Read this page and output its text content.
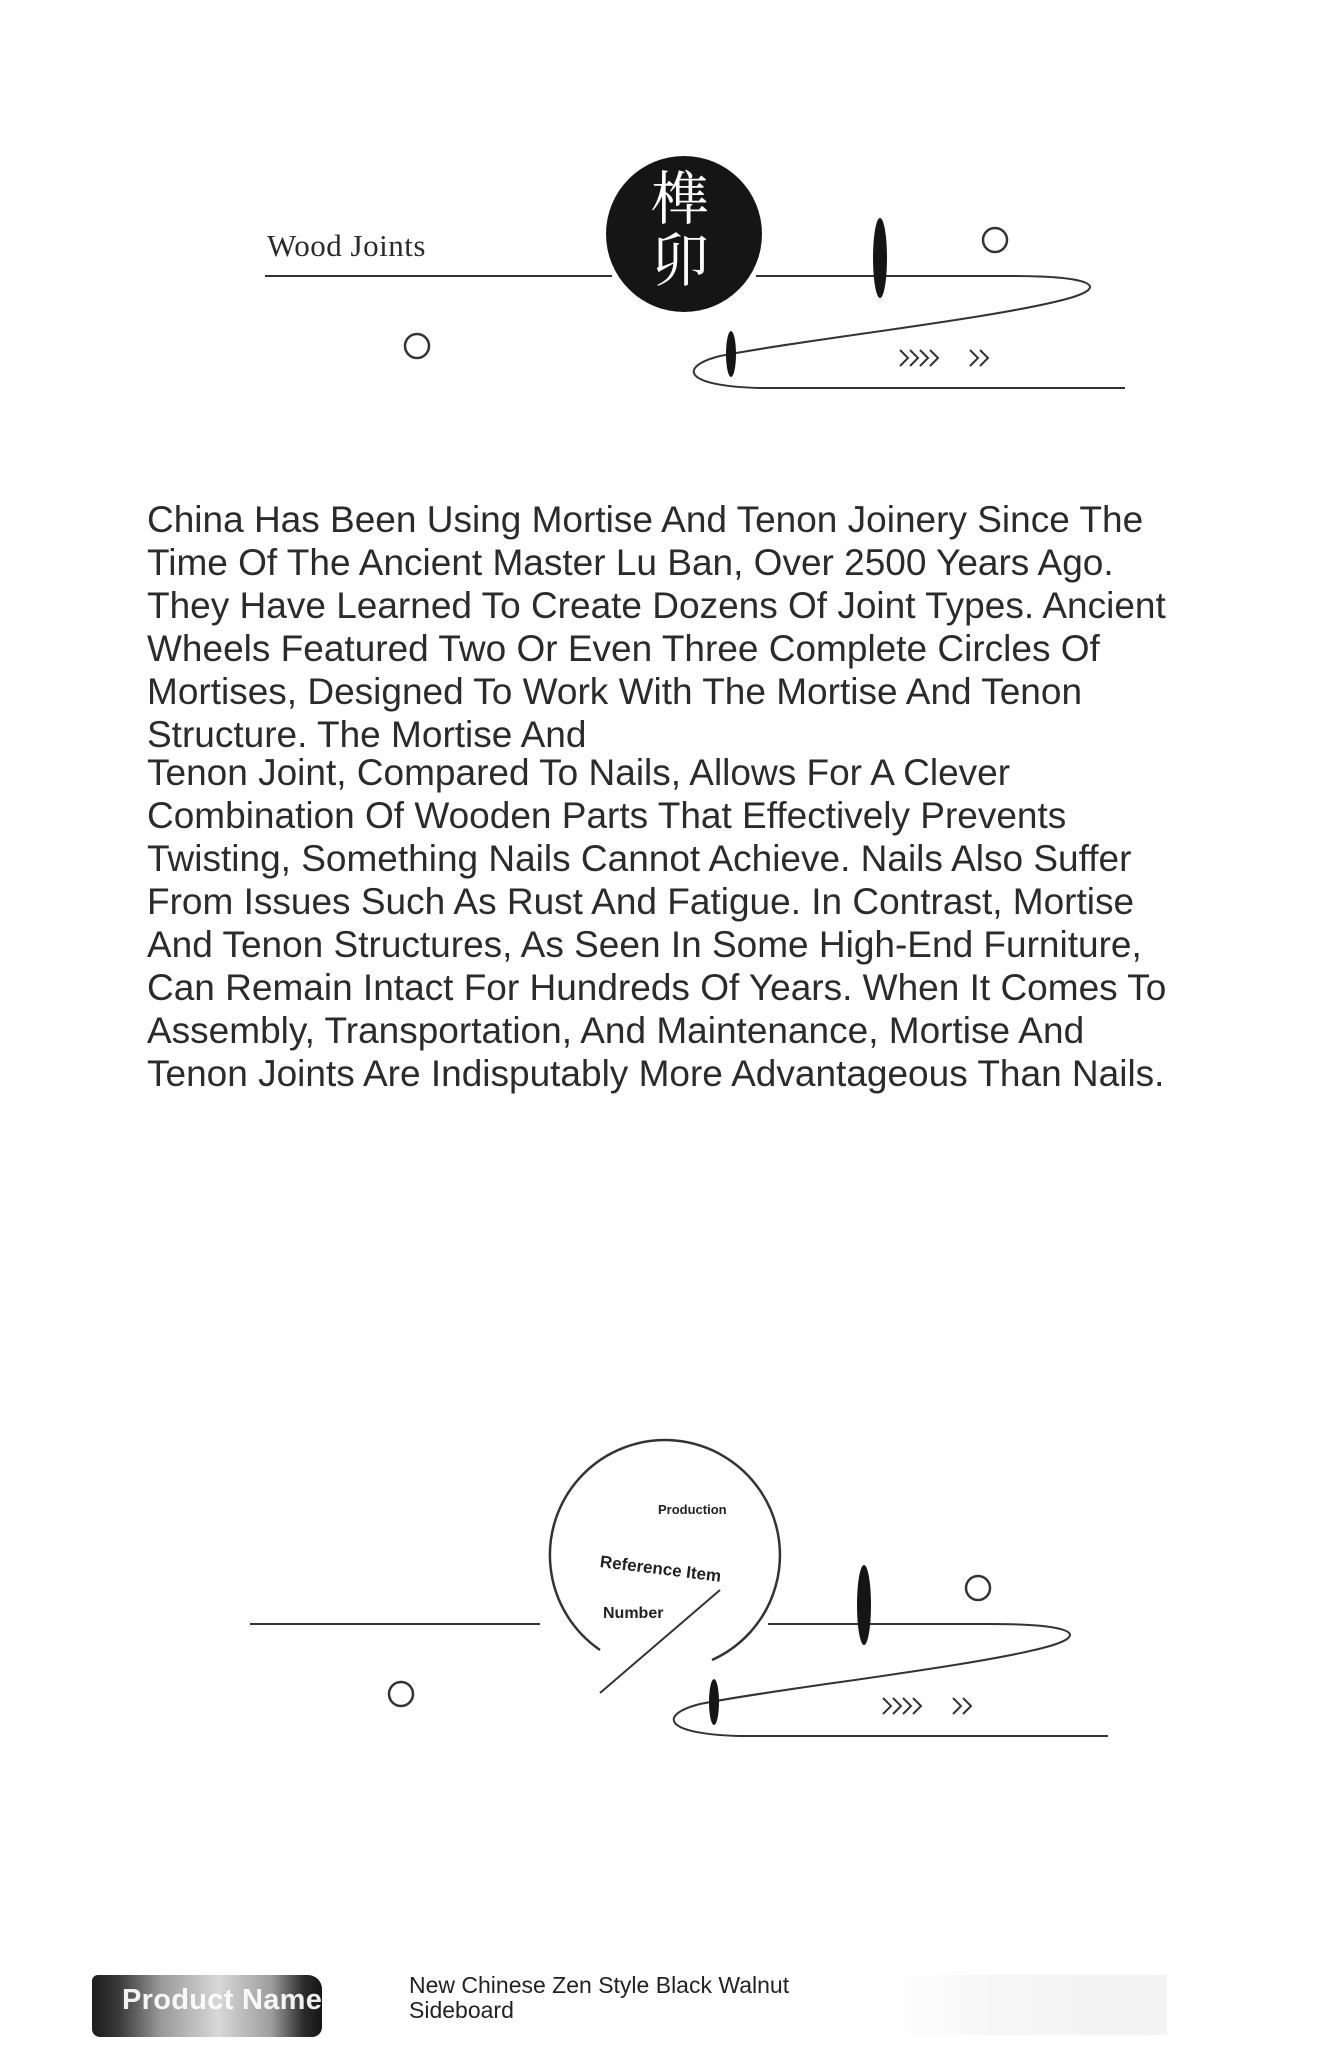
Wood Joints
榫
卯

China Has Been Using Mortise And Tenon Joinery Since The Time Of The Ancient Master Lu Ban, Over 2500 Years Ago. They Have Learned To Create Dozens Of Joint Types. Ancient Wheels Featured Two Or Even Three Complete Circles Of Mortises, Designed To Work With The Mortise And Tenon Structure. The Mortise And

Tenon Joint, Compared To Nails, Allows For A Clever Combination Of Wooden Parts That Effectively Prevents Twisting, Something Nails Cannot Achieve. Nails Also Suffer From Issues Such As Rust And Fatigue. In Contrast, Mortise And Tenon Structures, As Seen In Some High-End Furniture, Can Remain Intact For Hundreds Of Years. When It Comes To Assembly, Transportation, And Maintenance, Mortise And Tenon Joints Are Indisputably More Advantageous Than Nails.

Production
Reference Item
Number
Product Name	New Chinese Zen Style Black Walnut Sideboard
